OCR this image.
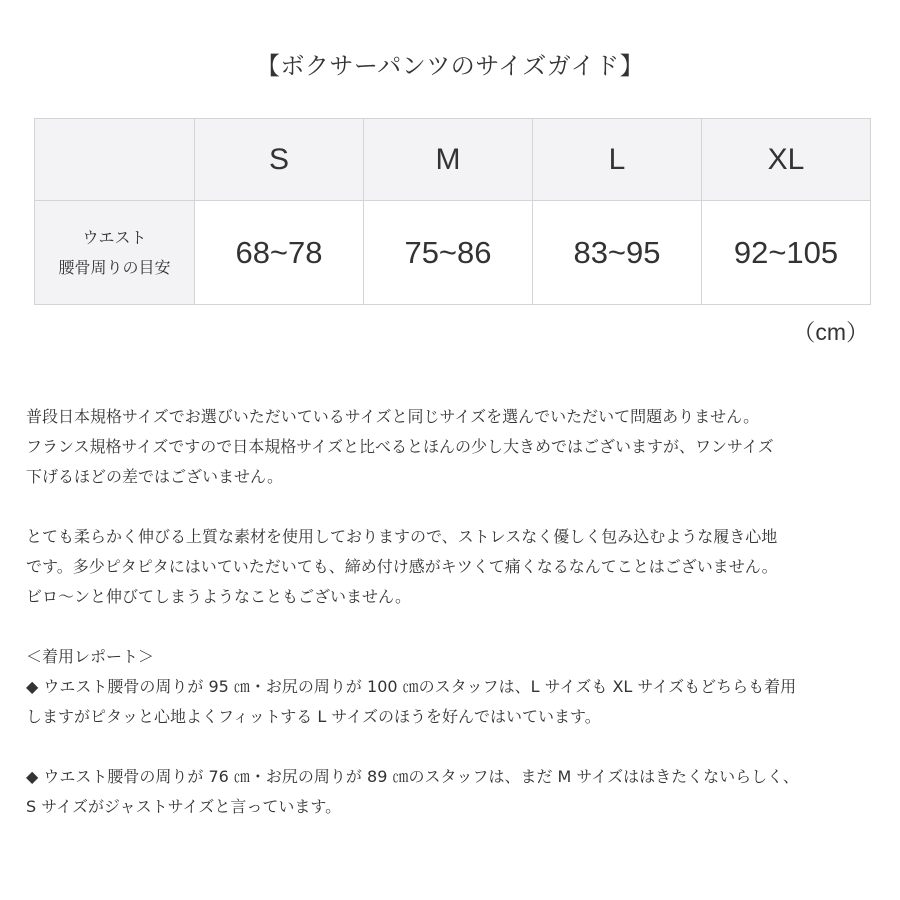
【ボクサーパンツのサイズガイド】
	S	M	L	XL

ウエスト
腰骨周りの目安	68~78	75~86	83~95	92~105
（cm）

普段日本規格サイズでお選びいただいているサイズと同じサイズを選んでいただいて問題ありません。
フランス規格サイズですので日本規格サイズと比べるとほんの少し大きめではございますが、ワンサイズ
下げるほどの差ではございません。

とても柔らかく伸びる上質な素材を使用しておりますので、ストレスなく優しく包み込むような履き心地
です。多少ピタピタにはいていただいても、締め付け感がキツくて痛くなるなんてことはございません。
ビロ〜ンと伸びてしまうようなこともございません。

＜着用レポート＞
◆ ウエスト腰骨の周りが 95 ㎝・お尻の周りが 100 ㎝のスタッフは、L サイズも XL サイズもどちらも着用
しますがピタッと心地よくフィットする L サイズのほうを好んではいています。

◆ ウエスト腰骨の周りが 76 ㎝・お尻の周りが 89 ㎝のスタッフは、まだ M サイズははきたくないらしく、
S サイズがジャストサイズと言っています。
